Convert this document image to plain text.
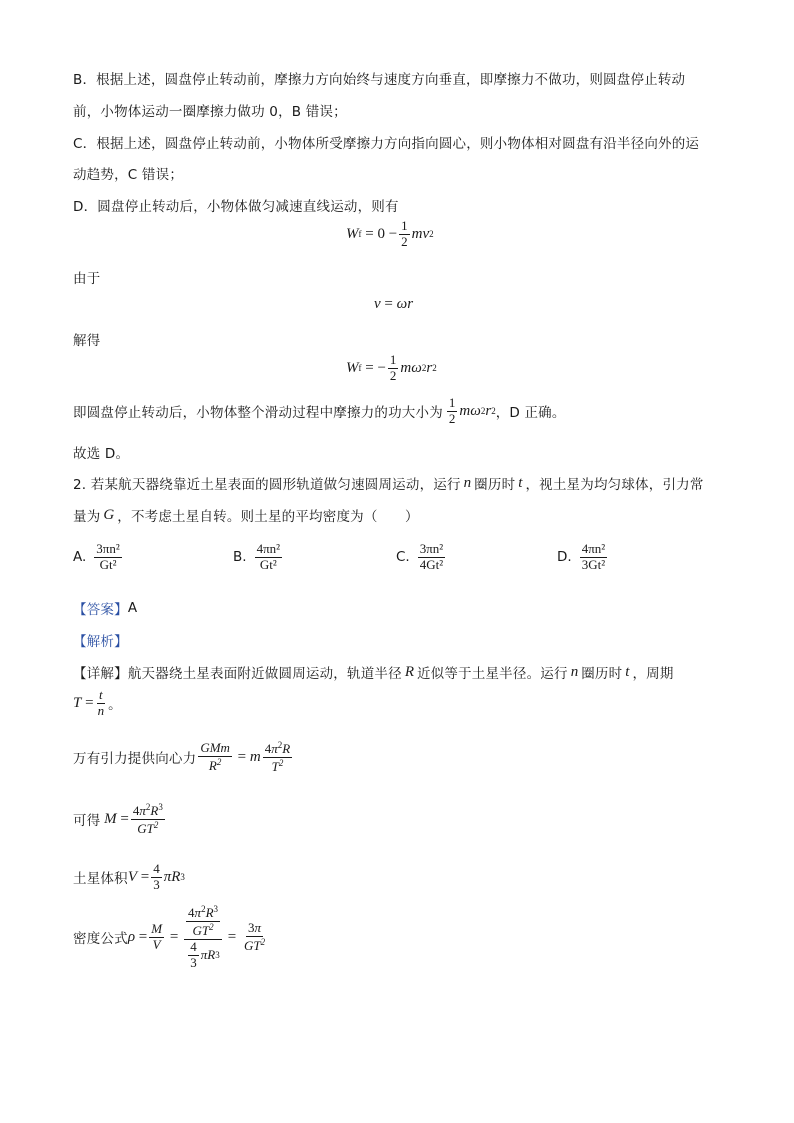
B．根据上述，圆盘停止转动前，摩擦力方向始终与速度方向垂直，即摩擦力不做功，则圆盘停止转动
前，小物体运动一圈摩擦力做功 0，B 错误；
C．根据上述，圆盘停止转动前，小物体所受摩擦力方向指向圆心，则小物体相对圆盘有沿半径向外的运
动趋势，C 错误；
D．圆盘停止转动后，小物体做匀减速直线运动，则有
W $f = 0 - \frac{1}{2}$ mv 2
由于
v = ωr
解得
W f = − $\frac{1}{2}$ mω 2 r 2
即圆盘停止转动后，小物体整个滑动过程中摩擦力的功大小为 $\frac{1}{2}$ mω 2 r 2 ，D 正确。
故选 D。
2. 若某航天器绕靠近土星表面的圆形轨道做匀速圆周运动，运行 n 圈历时 t ，视土星为均匀球体，引力常
量为 G ，不考虑土星自转。则土星的平均密度为（　　）
A. $\frac{\text{3πn²}}{\text{Gt²}}$	B. $\frac{\text{4πn²}}{\text{Gt²}}$	C. $\frac{\text{3πn²}}{\text{4Gt²}}$	D. $\frac{\text{4πn²}}{\text{3Gt²}}$
【答案】 A
【解析】
【详解】 航天器绕土星表面附近做圆周运动，轨道半径 R 近似等于土星半径。运行 n 圈历时 t ，周期
$T = \frac{t}{n}$ 。
万有引力提供向心力 $\frac{\text{GMm}}{R^2} = m \frac{4\pi^2R}{T^2}$
可得 $M = \frac{4\pi^2R^3}{GT^2}$
土星体积 $V = \frac{4}{3}$ πR 3
密度公式 $\rho = \frac{M}{V} = 4\pi^2R^3$
$GT^2$
$\frac{4}{3}$ πR $3 = \frac{3\pi}{GT^2}$
